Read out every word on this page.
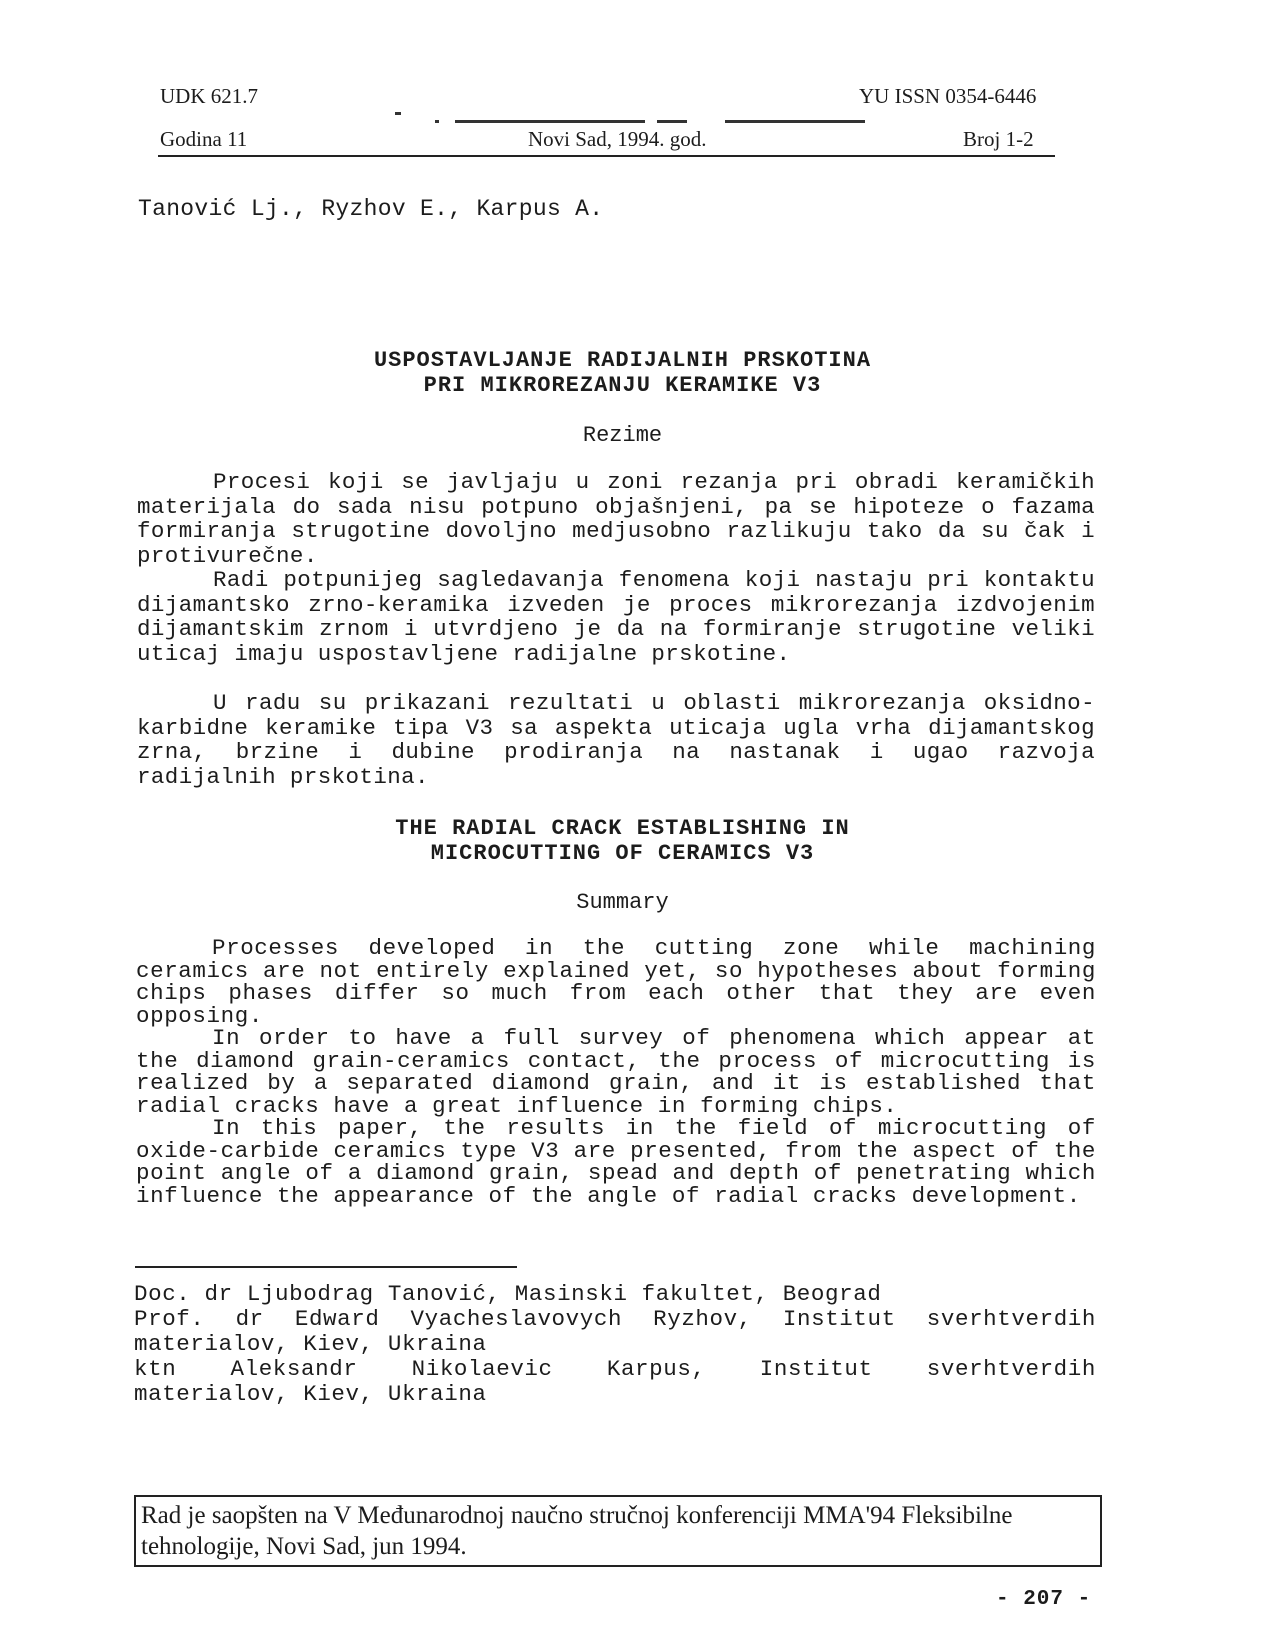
UDK 621.7	YU ISSN 0354-6446
Godina 11	Novi Sad, 1994. god.	Broj 1-2
Tanović Lj., Ryzhov E., Karpus A.
USPOSTAVLJANJE RADIJALNIH PRSKOTINA
PRI MIKROREZANJU KERAMIKE V3
Rezime
Procesi koji se javljaju u zoni rezanja pri obradi keramičkih materijala do sada nisu potpuno objašnjeni, pa se hipoteze o fazama formiranja strugotine dovoljno medjusobno razlikuju tako da su čak i protivurečne.
Radi potpunijeg sagledavanja fenomena koji nastaju pri kontaktu dijamantsko zrno-keramika izveden je proces mikrorezanja izdvojenim dijamantskim zrnom i utvrdjeno je da na formiranje strugotine veliki uticaj imaju uspostavljene radijalne prskotine.
U radu su prikazani rezultati u oblasti mikrorezanja oksidno-karbidne keramike tipa V3 sa aspekta uticaja ugla vrha dijamantskog zrna, brzine i dubine prodiranja na nastanak i ugao razvoja radijalnih prskotina.
THE RADIAL CRACK ESTABLISHING IN
MICROCUTTING OF CERAMICS V3
Summary
Processes developed in the cutting zone while machining ceramics are not entirely explained yet, so hypotheses about forming chips phases differ so much from each other that they are even opposing.
In order to have a full survey of phenomena which appear at the diamond grain-ceramics contact, the process of microcutting is realized by a separated diamond grain, and it is established that radial cracks have a great influence in forming chips.
In this paper, the results in the field of microcutting of oxide-carbide ceramics type V3 are presented, from the aspect of the point angle of a diamond grain, spead and depth of penetrating which influence the appearance of the angle of radial cracks development.
Doc. dr Ljubodrag Tanović, Masinski fakultet, Beograd
Prof. dr Edward Vyacheslavovych Ryzhov, Institut sverhtverdih
materialov, Kiev, Ukraina
ktn Aleksandr Nikolaevic Karpus, Institut sverhtverdih
materialov, Kiev, Ukraina
Rad je saopšten na V Međunarodnoj naučno stručnoj konferenciji MMA'94 Fleksibilne tehnologije, Novi Sad, jun 1994.
- 207 -
